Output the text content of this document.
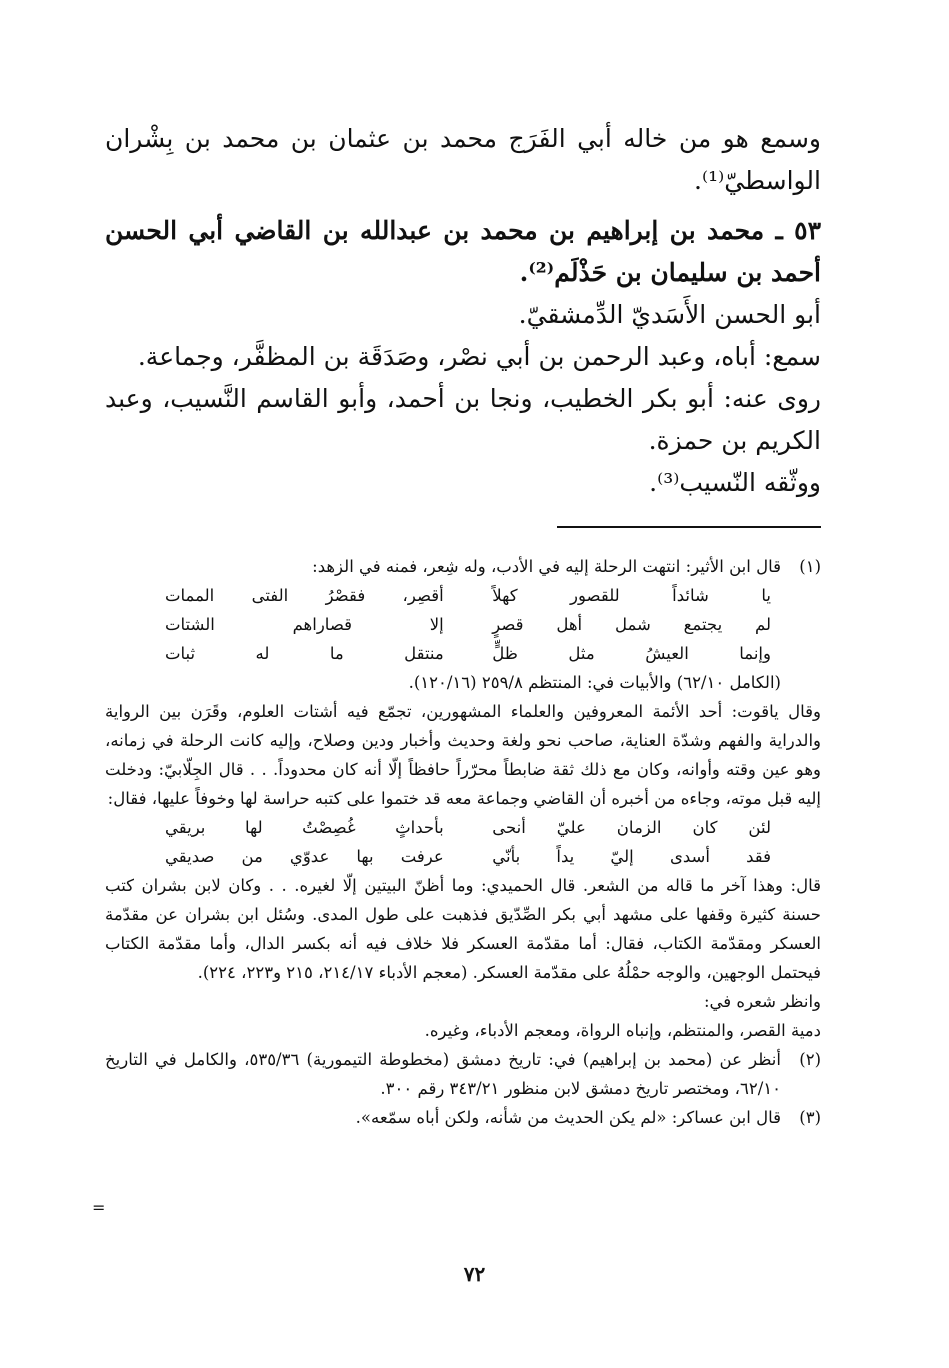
وسمع هو من خاله أبي الفَرَج محمد بن عثمان بن محمد بن بِشْران الواسطيّ⁽¹⁾.

٥٣ ـ محمد بن إبراهيم بن محمد بن عبدالله بن القاضي أبي الحسن أحمد بن سليمان بن حَذْلَم⁽²⁾.

أبو الحسن الأَسَديّ الدِّمشقيّ.

سمع: أباه، وعبد الرحمن بن أبي نصْر، وصَدَقَة بن المظفَّر، وجماعة.

روى عنه: أبو بكر الخطيب، ونجا بن أحمد، وأبو القاسم النَّسيب، وعبد الكريم بن حمزة.

ووثّقه النّسيب⁽³⁾.

(١)

قال ابن الأثير: انتهت الرحلة إليه في الأدب، وله شِعر، فمنه في الزهد:

يا شائداً للقصور كهلاً
أقصِر، فقصْرُ الفتى الممات
لم يجتمع شمل أهل قصرٍ
إلا قصاراهم الشتات
وإنما العيشُ مثل ظلٍّ
منتقل ما له ثبات

(الكامل ٦٢/١٠) والأبيات في: المنتظم ٢٥٩/٨ (١٢٠/١٦).

وقال ياقوت: أحد الأئمة المعروفين والعلماء المشهورين، تجمّع فيه أشتات العلوم، وقَرَن بين الرواية والدراية والفهم وشدّة العناية، صاحب نحو ولغة وحديث وأخبار ودين وصلاح، وإليه كانت الرحلة في زمانه، وهو عين وقته وأوانه، وكان مع ذلك ثقة ضابطاً محرّراً حافظاً إلّا أنه كان محدوداً. . . قال الجِلّابيّ: ودخلت إليه قبل موته، وجاءه من أخبره أن القاضي وجماعة معه قد ختموا على كتبه حراسة لها وخوفاً عليها، فقال:

لئن كان الزمان عليّ أنحى
بأحداثٍ غُصِصْتُ لها بريقي
فقد أسدى إليّ يداً بأنّي
عرفت بها عدوّي من صديقي

قال: وهذا آخر ما قاله من الشعر. قال الحميدي: وما أظنّ البيتين إلّا لغيره. . . وكان لابن بشران كتب حسنة كثيرة وقفها على مشهد أبي بكر الصِّدّيق فذهبت على طول المدى. وسُئل ابن بشران عن مقدّمة العسكر ومقدّمة الكتاب، فقال: أما مقدّمة العسكر فلا خلاف فيه أنه بكسر الدال، وأما مقدّمة الكتاب فيحتمل الوجهين، والوجه حمْلُهُ على مقدّمة العسكر. (معجم الأدباء ٢١٤/١٧، ٢١٥ و٢٢٣، ٢٢٤).

وانظر شعره في:

دمية القصر، والمنتظم، وإنباه الرواة، ومعجم الأدباء، وغيره.

(٢)

أنظر عن (محمد بن إبراهيم) في: تاريخ دمشق (مخطوطة التيمورية) ٥٣٥/٣٦، والكامل في التاريخ ٦٢/١٠، ومختصر تاريخ دمشق لابن منظور ٣٤٣/٢١ رقم ٣٠٠.

(٣)

قال ابن عساكر: «لم يكن الحديث من شأنه، ولكن أباه سمّعه».

=
٧٢
